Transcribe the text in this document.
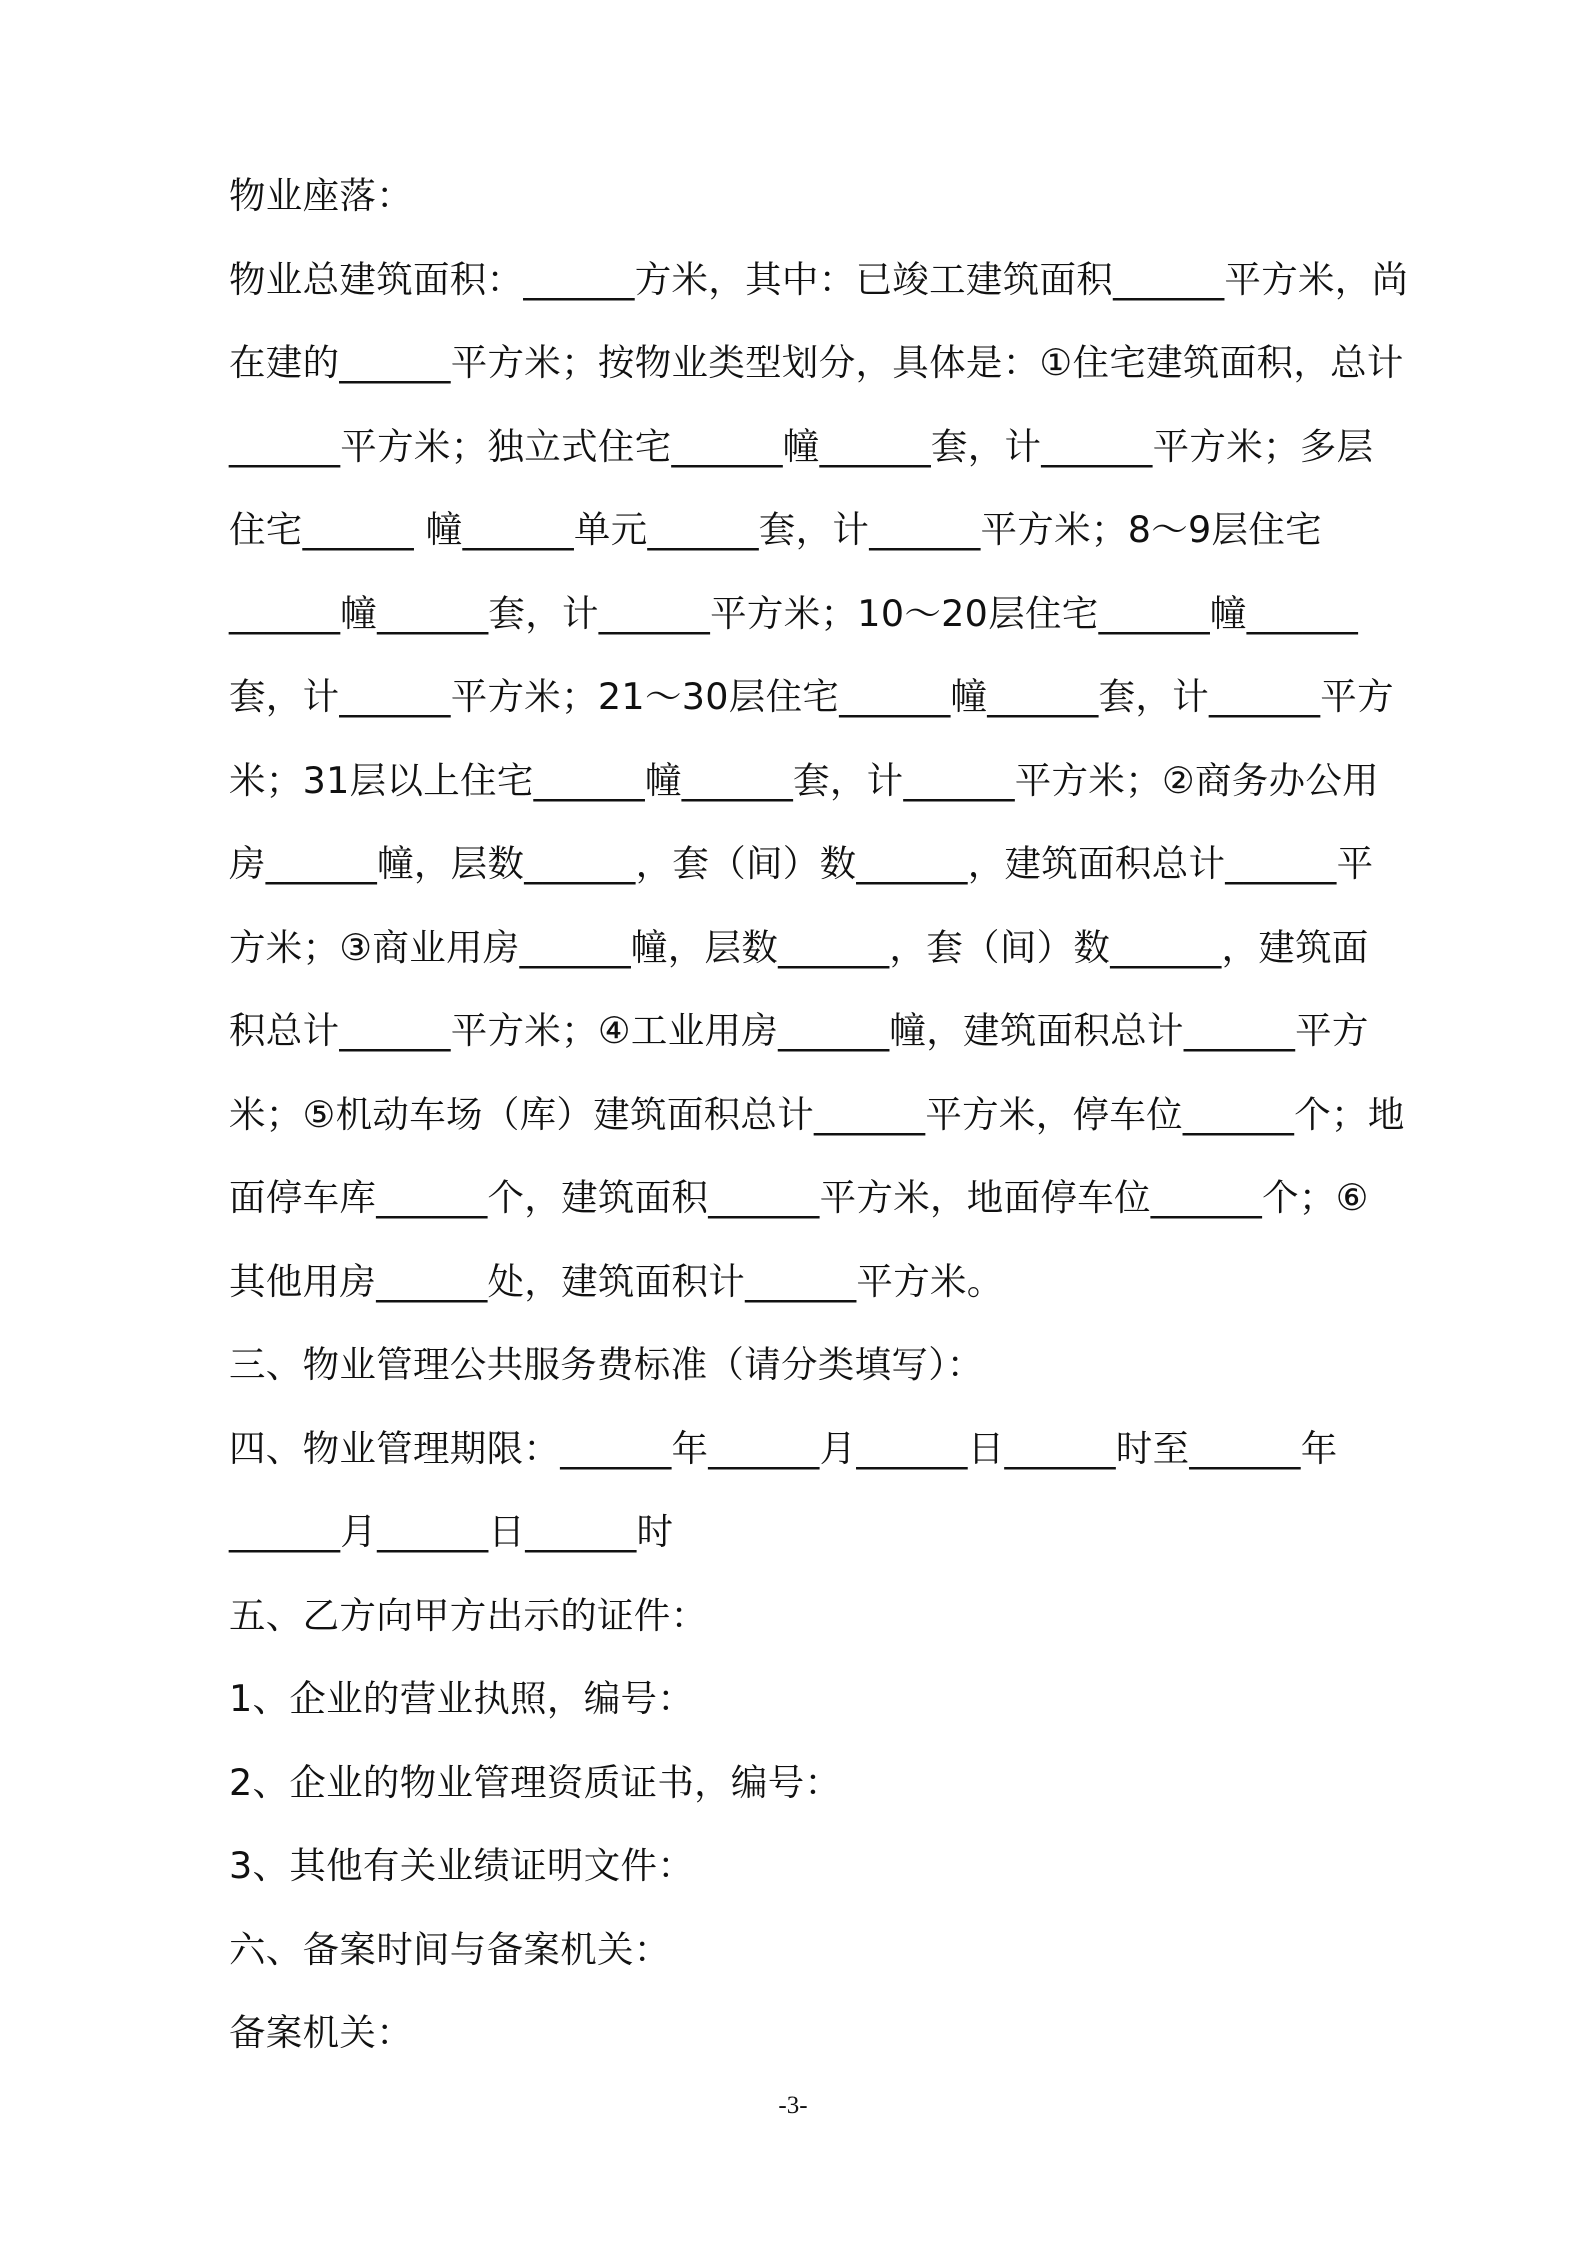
物业座落：
物业总建筑面积：______方米，其中：已竣工建筑面积______平方米，尚
在建的______平方米；按物业类型划分，具体是：①住宅建筑面积，总计
______平方米；独立式住宅______幢______套，计______平方米；多层
住宅______ 幢______单元______套，计______平方米；8～9层住宅
______幢______套，计______平方米；10～20层住宅______幢______
套，计______平方米；21～30层住宅______幢______套，计______平方
米；31层以上住宅______幢______套，计______平方米；②商务办公用
房______幢，层数______，套（间）数______，建筑面积总计______平
方米；③商业用房______幢，层数______，套（间）数______，建筑面
积总计______平方米；④工业用房______幢，建筑面积总计______平方
米；⑤机动车场（库）建筑面积总计______平方米，停车位______个；地
面停车库______个，建筑面积______平方米，地面停车位______个；⑥
其他用房______处，建筑面积计______平方米。
三、物业管理公共服务费标准（请分类填写）：
四、物业管理期限：______年______月______日______时至______年
______月______日______时
五、乙方向甲方出示的证件：
1、企业的营业执照，编号：
2、企业的物业管理资质证书，编号：
3、其他有关业绩证明文件：
六、备案时间与备案机关：
备案机关：
-3-
